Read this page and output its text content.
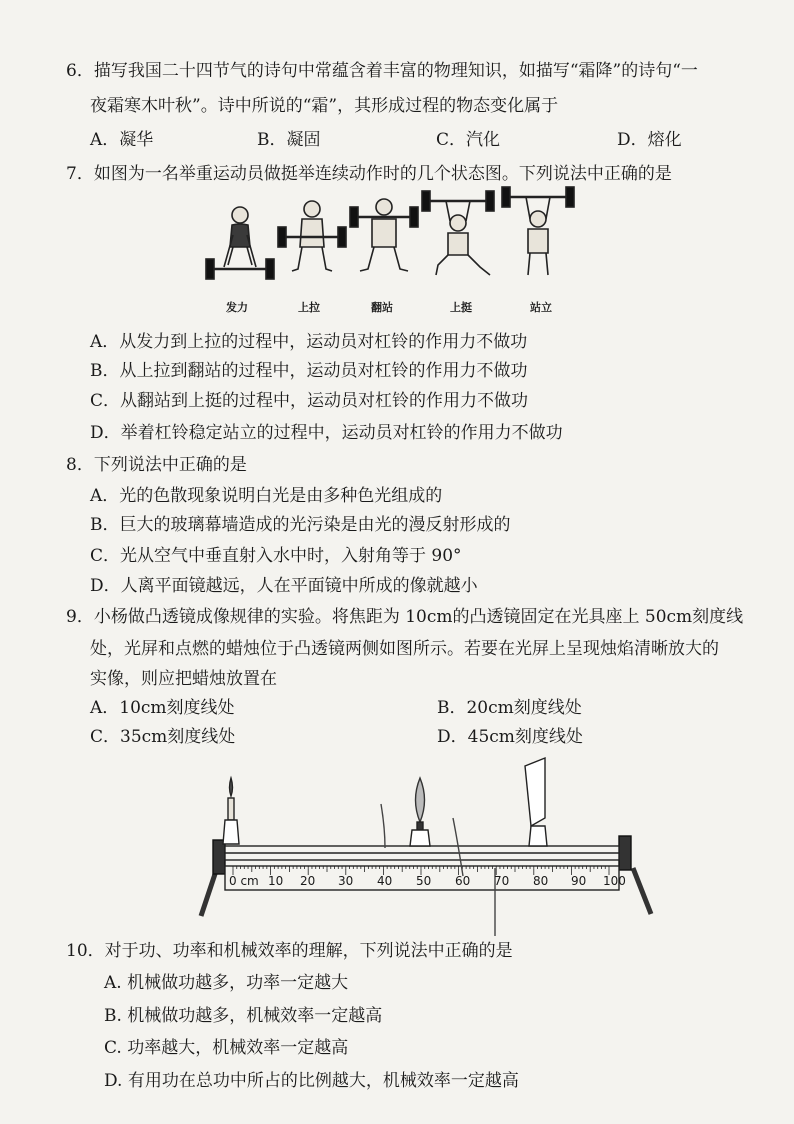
6．描写我国二十四节气的诗句中常蕴含着丰富的物理知识，如描写“霜降”的诗句“一
夜霜寒木叶秋”。诗中所说的“霜”，其形成过程的物态变化属于
A．凝华	B．凝固	C．汽化	D．熔化
7．如图为一名举重运动员做挺举连续动作时的几个状态图。下列说法中正确的是
发力	上拉	翻站	上挺	站立
A．从发力到上拉的过程中，运动员对杠铃的作用力不做功
B．从上拉到翻站的过程中，运动员对杠铃的作用力不做功
C．从翻站到上挺的过程中，运动员对杠铃的作用力不做功
D．举着杠铃稳定站立的过程中，运动员对杠铃的作用力不做功
8．下列说法中正确的是
A．光的色散现象说明白光是由多种色光组成的
B．巨大的玻璃幕墙造成的光污染是由光的漫反射形成的
C．光从空气中垂直射入水中时，入射角等于 90°
D．人离平面镜越远，人在平面镜中所成的像就越小
9．小杨做凸透镜成像规律的实验。将焦距为 10cm的凸透镜固定在光具座上 50cm刻度线
处，光屏和点燃的蜡烛位于凸透镜两侧如图所示。若要在光屏上呈现烛焰清晰放大的
实像，则应把蜡烛放置在
A．10cm刻度线处	B．20cm刻度线处
C．35cm刻度线处	D．45cm刻度线处
0 cm 10 20 30 40 50 60 70 80 90 100
10．对于功、功率和机械效率的理解，下列说法中正确的是
A. 机械做功越多，功率一定越大
B. 机械做功越多，机械效率一定越高
C. 功率越大，机械效率一定越高
D. 有用功在总功中所占的比例越大，机械效率一定越高
